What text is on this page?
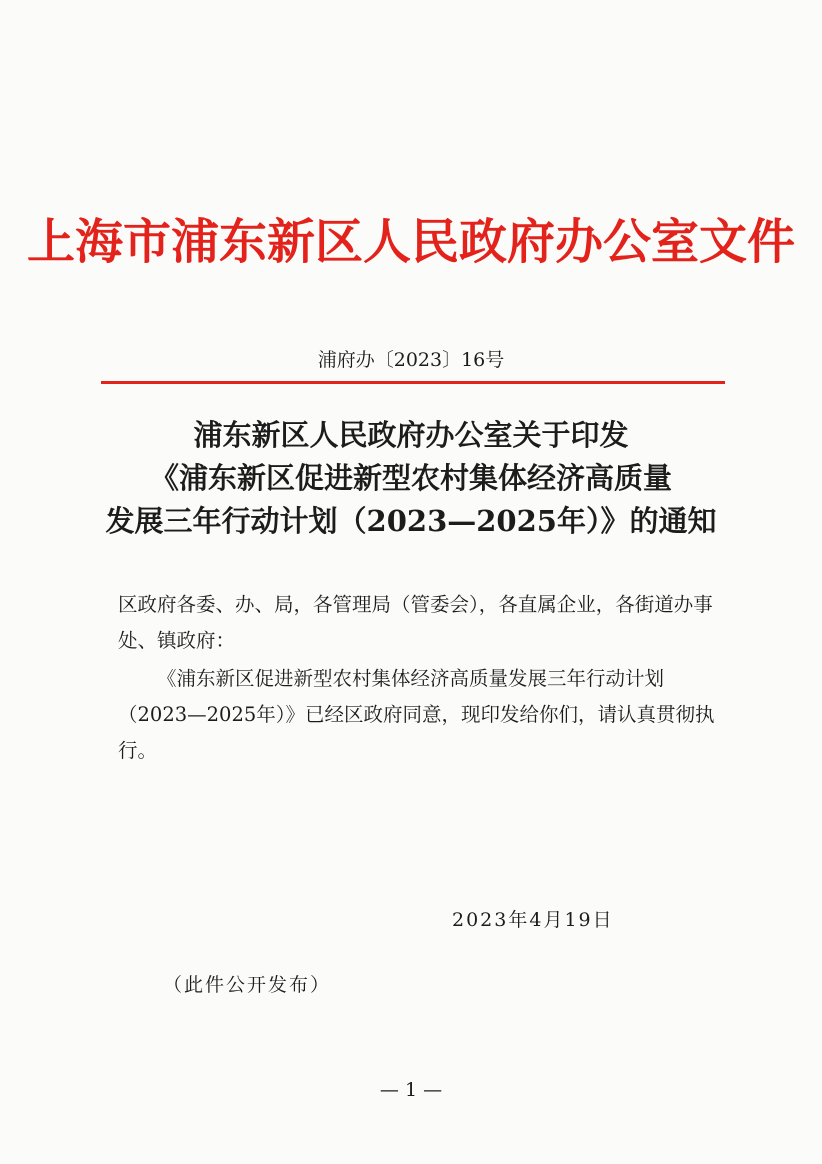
上海市浦东新区人民政府办公室文件
浦府办〔2023〕16号
浦东新区人民政府办公室关于印发
《浦东新区促进新型农村集体经济高质量
发展三年行动计划（2023—2025年）》的通知
区政府各委、办、局，各管理局（管委会），各直属企业，各街道办事处、镇政府：
《浦东新区促进新型农村集体经济高质量发展三年行动计划（2023—2025年）》已经区政府同意，现印发给你们，请认真贯彻执行。
2023年4月19日
（此件公开发布）
— 1 —
